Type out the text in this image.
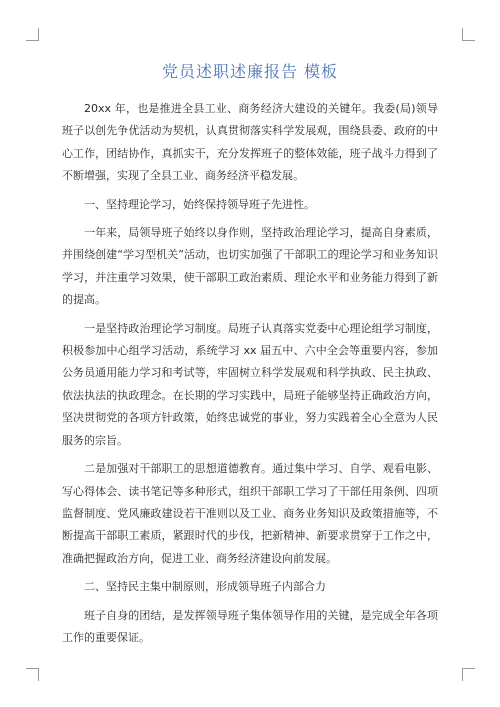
党员述职述廉报告 模板

20xx 年，也是推进全县工业、商务经济大建设的关键年。我委(局)领导班子以创先争优活动为契机，认真贯彻落实科学发展观，围绕县委、政府的中心工作，团结协作，真抓实干，充分发挥班子的整体效能，班子战斗力得到了不断增强，实现了全县工业、商务经济平稳发展。

一、坚持理论学习，始终保持领导班子先进性。

一年来，局领导班子始终以身作则，坚持政治理论学习，提高自身素质，并围绕创建“学习型机关”活动，也切实加强了干部职工的理论学习和业务知识学习，并注重学习效果，使干部职工政治素质、理论水平和业务能力得到了新的提高。

一是坚持政治理论学习制度。局班子认真落实党委中心理论组学习制度，积极参加中心组学习活动，系统学习 xx 届五中、六中全会等重要内容，参加公务员通用能力学习和考试等，牢固树立科学发展观和科学执政、民主执政、依法执法的执政理念。在长期的学习实践中，局班子能够坚持正确政治方向，坚决贯彻党的各项方针政策，始终忠诚党的事业，努力实践着全心全意为人民服务的宗旨。

二是加强对干部职工的思想道德教育。通过集中学习、自学、观看电影、写心得体会、读书笔记等多种形式，组织干部职工学习了干部任用条例、四项监督制度、党风廉政建设若干准则以及工业、商务业务知识及政策措施等，不断提高干部职工素质，紧跟时代的步伐，把新精神、新要求贯穿于工作之中，准确把握政治方向，促进工业、商务经济建设向前发展。

二、坚持民主集中制原则，形成领导班子内部合力

班子自身的团结，是发挥领导班子集体领导作用的关键，是完成全年各项工作的重要保证。
